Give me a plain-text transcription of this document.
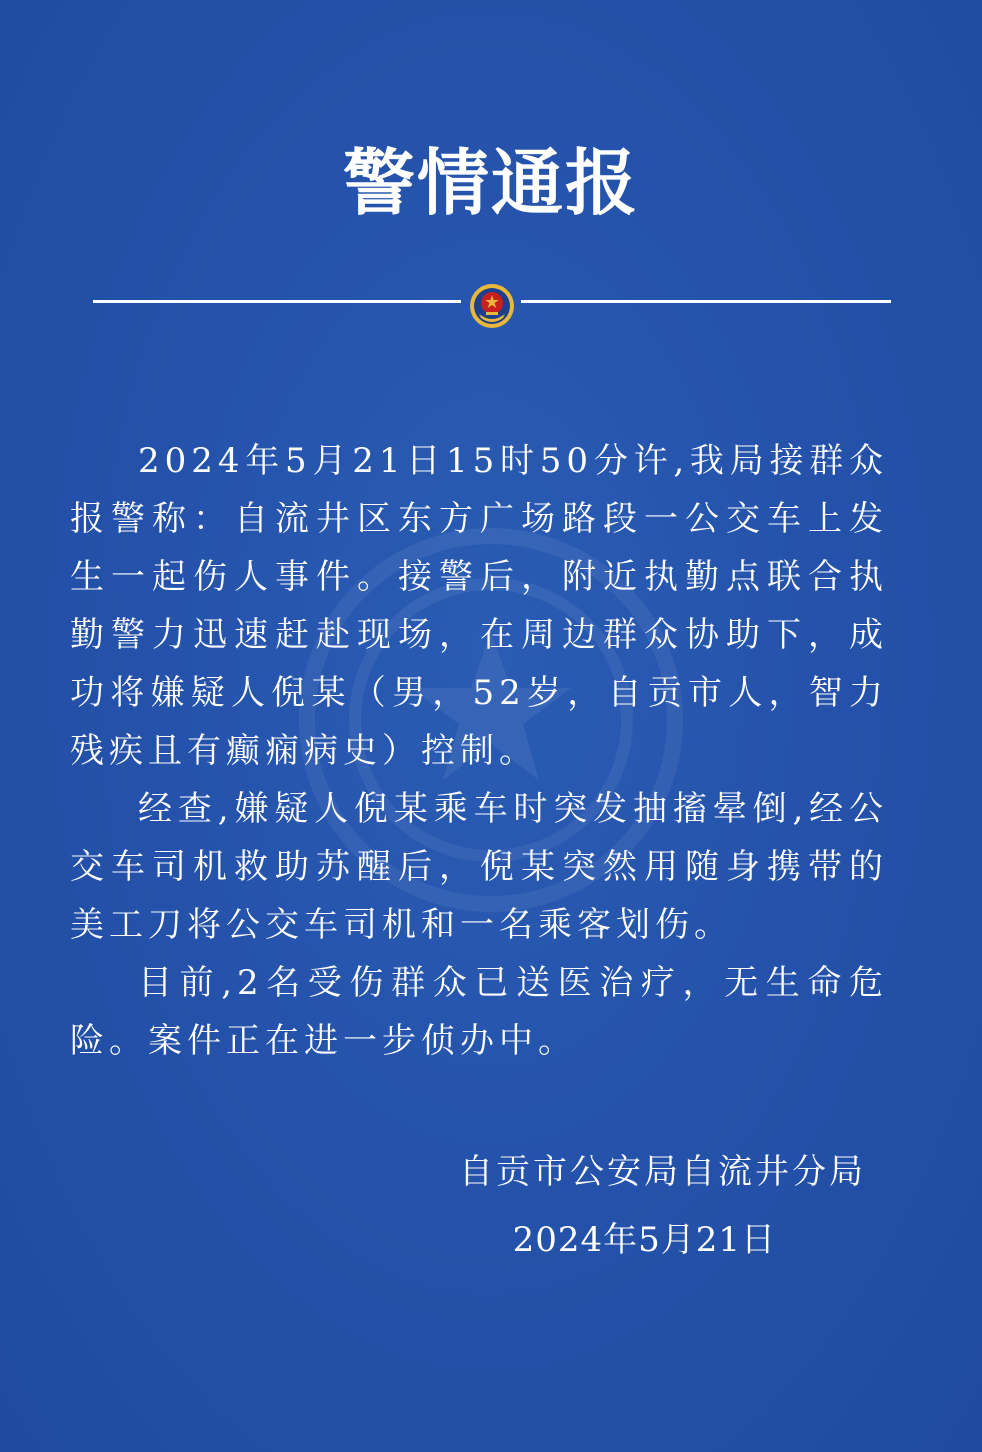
警情通报

2024年5月21日15时50分许,我局接群众报警称：自流井区东方广场路段一公交车上发生一起伤人事件。接警后，附近执勤点联合执勤警力迅速赶赴现场，在周边群众协助下，成功将嫌疑人倪某（男，52岁，自贡市人，智力残疾且有癫痫病史）控制。

经查,嫌疑人倪某乘车时突发抽搐晕倒,经公交车司机救助苏醒后，倪某突然用随身携带的美工刀将公交车司机和一名乘客划伤。

目前,2名受伤群众已送医治疗，无生命危险。案件正在进一步侦办中。

自贡市公安局自流井分局
2024年5月21日
